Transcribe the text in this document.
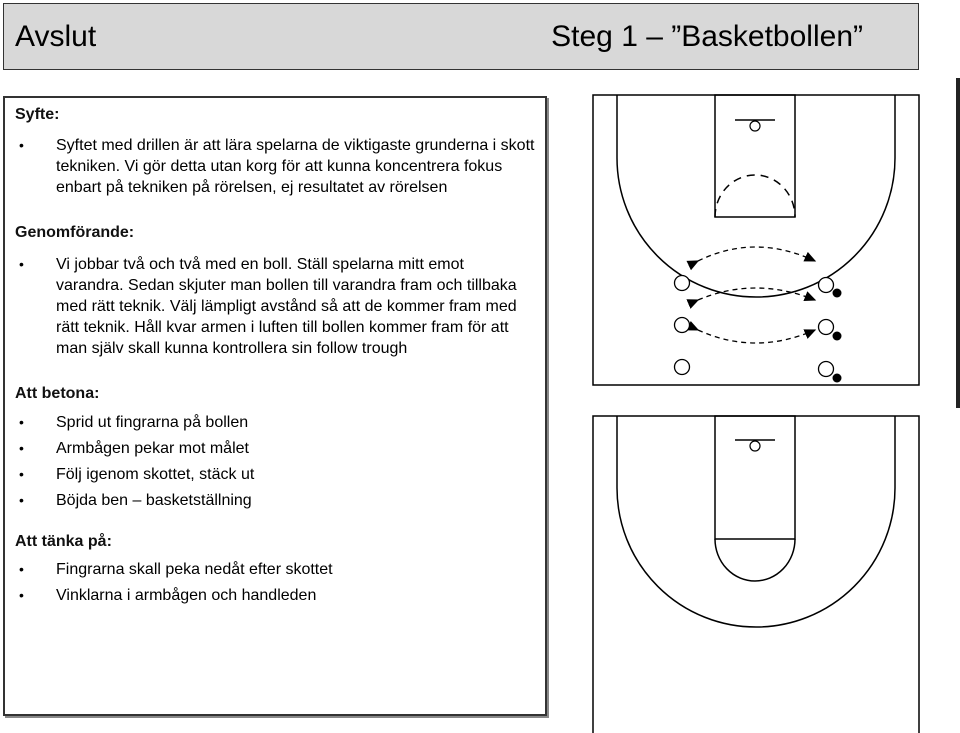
Avslut	Steg 1 – ”Basketbollen”
Syfte:
• Syftet med drillen är att lära spelarna de viktigaste grunderna i skott tekniken. Vi gör detta utan korg för att kunna koncentrera fokus enbart på tekniken på rörelsen, ej resultatet av rörelsen
Genomförande:
• Vi jobbar två och två med en boll. Ställ spelarna mitt emot varandra. Sedan skjuter man bollen till varandra fram och tillbaka med rätt teknik. Välj lämpligt avstånd så att de kommer fram med rätt teknik. Håll kvar armen i luften till bollen kommer fram för att man själv skall kunna kontrollera sin follow trough
Att betona:
• Sprid ut fingrarna på bollen
• Armbågen pekar mot målet
• Följ igenom skottet, stäck ut
• Böjda ben – basketställning
Att tänka på:
• Fingrarna skall peka nedåt efter skottet
• Vinklarna i armbågen och handleden
